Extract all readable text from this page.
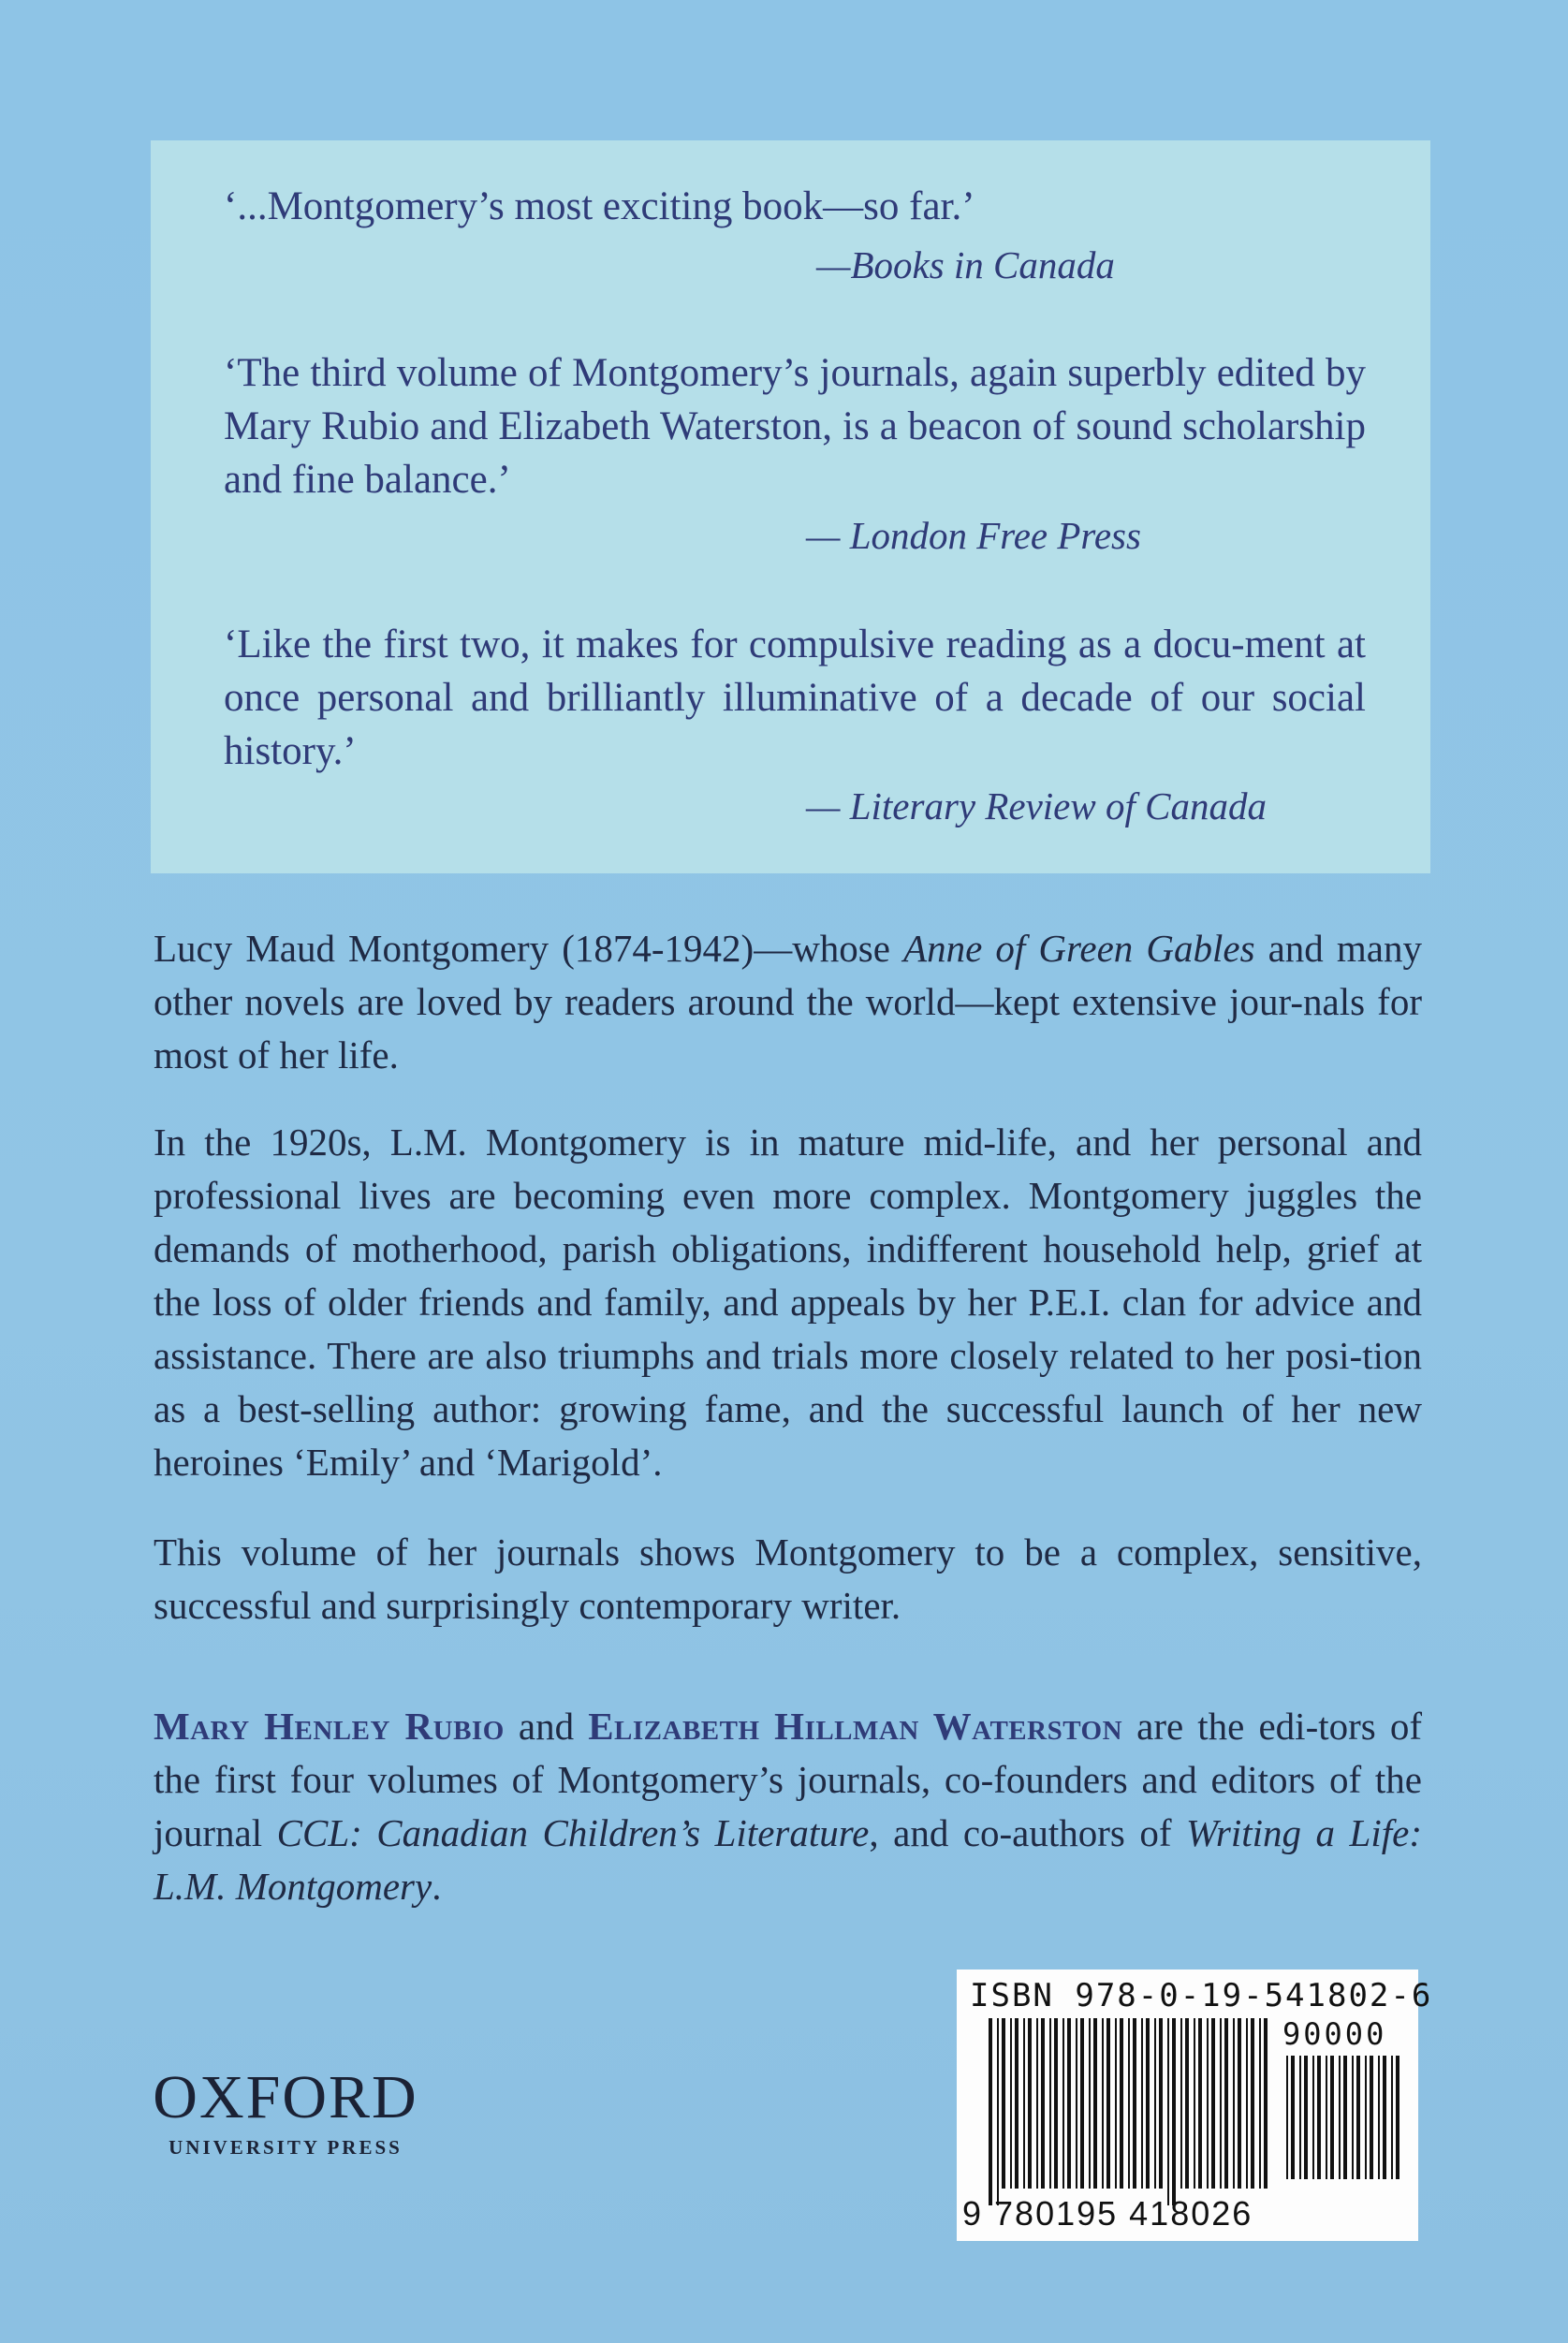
‘...Montgomery’s most exciting book—so far.’
—Books in Canada
‘The third volume of Montgomery’s journals, again superbly edited by Mary Rubio and Elizabeth Waterston, is a beacon of sound scholarship and fine balance.’
— London Free Press
‘Like the first two, it makes for compulsive reading as a docu-ment at once personal and brilliantly illuminative of a decade of our social history.’
— Literary Review of Canada

Lucy Maud Montgomery (1874-1942)—whose Anne of Green Gables and many other novels are loved by readers around the world—kept extensive jour-nals for most of her life.

In the 1920s, L.M. Montgomery is in mature mid-life, and her personal and professional lives are becoming even more complex. Montgomery juggles the demands of motherhood, parish obligations, indifferent household help, grief at the loss of older friends and family, and appeals by her P.E.I. clan for advice and assistance. There are also triumphs and trials more closely related to her posi-tion as a best-selling author: growing fame, and the successful launch of her new heroines ‘Emily’ and ‘Marigold’.

This volume of her journals shows Montgomery to be a complex, sensitive, successful and surprisingly contemporary writer.

Mary Henley Rubio and Elizabeth Hillman Waterston are the edi-tors of the first four volumes of Montgomery’s journals, co-founders and editors of the journal CCL: Canadian Children’s Literature, and co-authors of Writing a Life: L.M. Montgomery.

OXFORD
UNIVERSITY PRESS
ISBN 978-0-19-541802-6
90000
9 780195 418026
